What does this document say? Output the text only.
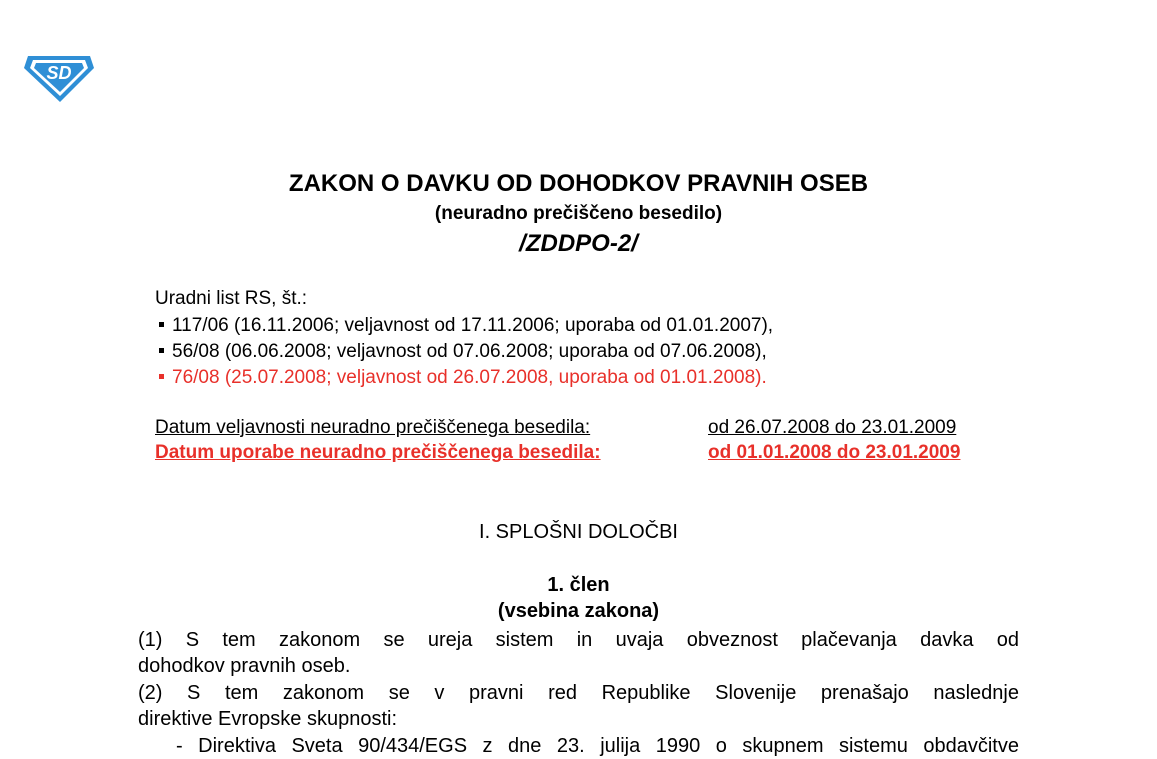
SD
ZAKON O DAVKU OD DOHODKOV PRAVNIH OSEB
(neuradno prečiščeno besedilo)
/ZDDPO-2/
Uradni list RS, št.:
117/06 (16.11.2006; veljavnost od 17.11.2006; uporaba od 01.01.2007),
56/08 (06.06.2008; veljavnost od 07.06.2008; uporaba od 07.06.2008),
76/08 (25.07.2008; veljavnost od 26.07.2008, uporaba od 01.01.2008).
Datum veljavnosti neuradno prečiščenega besedila:	od 26.07.2008 do 23.01.2009
Datum uporabe neuradno prečiščenega besedila:	od 01.01.2008 do 23.01.2009
I. SPLOŠNI DOLOČBI
1. člen
(vsebina zakona)
(1) S tem zakonom se ureja sistem in uvaja obveznost plačevanja davka od
dohodkov pravnih oseb.
(2) S tem zakonom se v pravni red Republike Slovenije prenašajo naslednje
direktive Evropske skupnosti:
- Direktiva Sveta 90/434/EGS z dne 23. julija 1990 o skupnem sistemu obdavčitve
